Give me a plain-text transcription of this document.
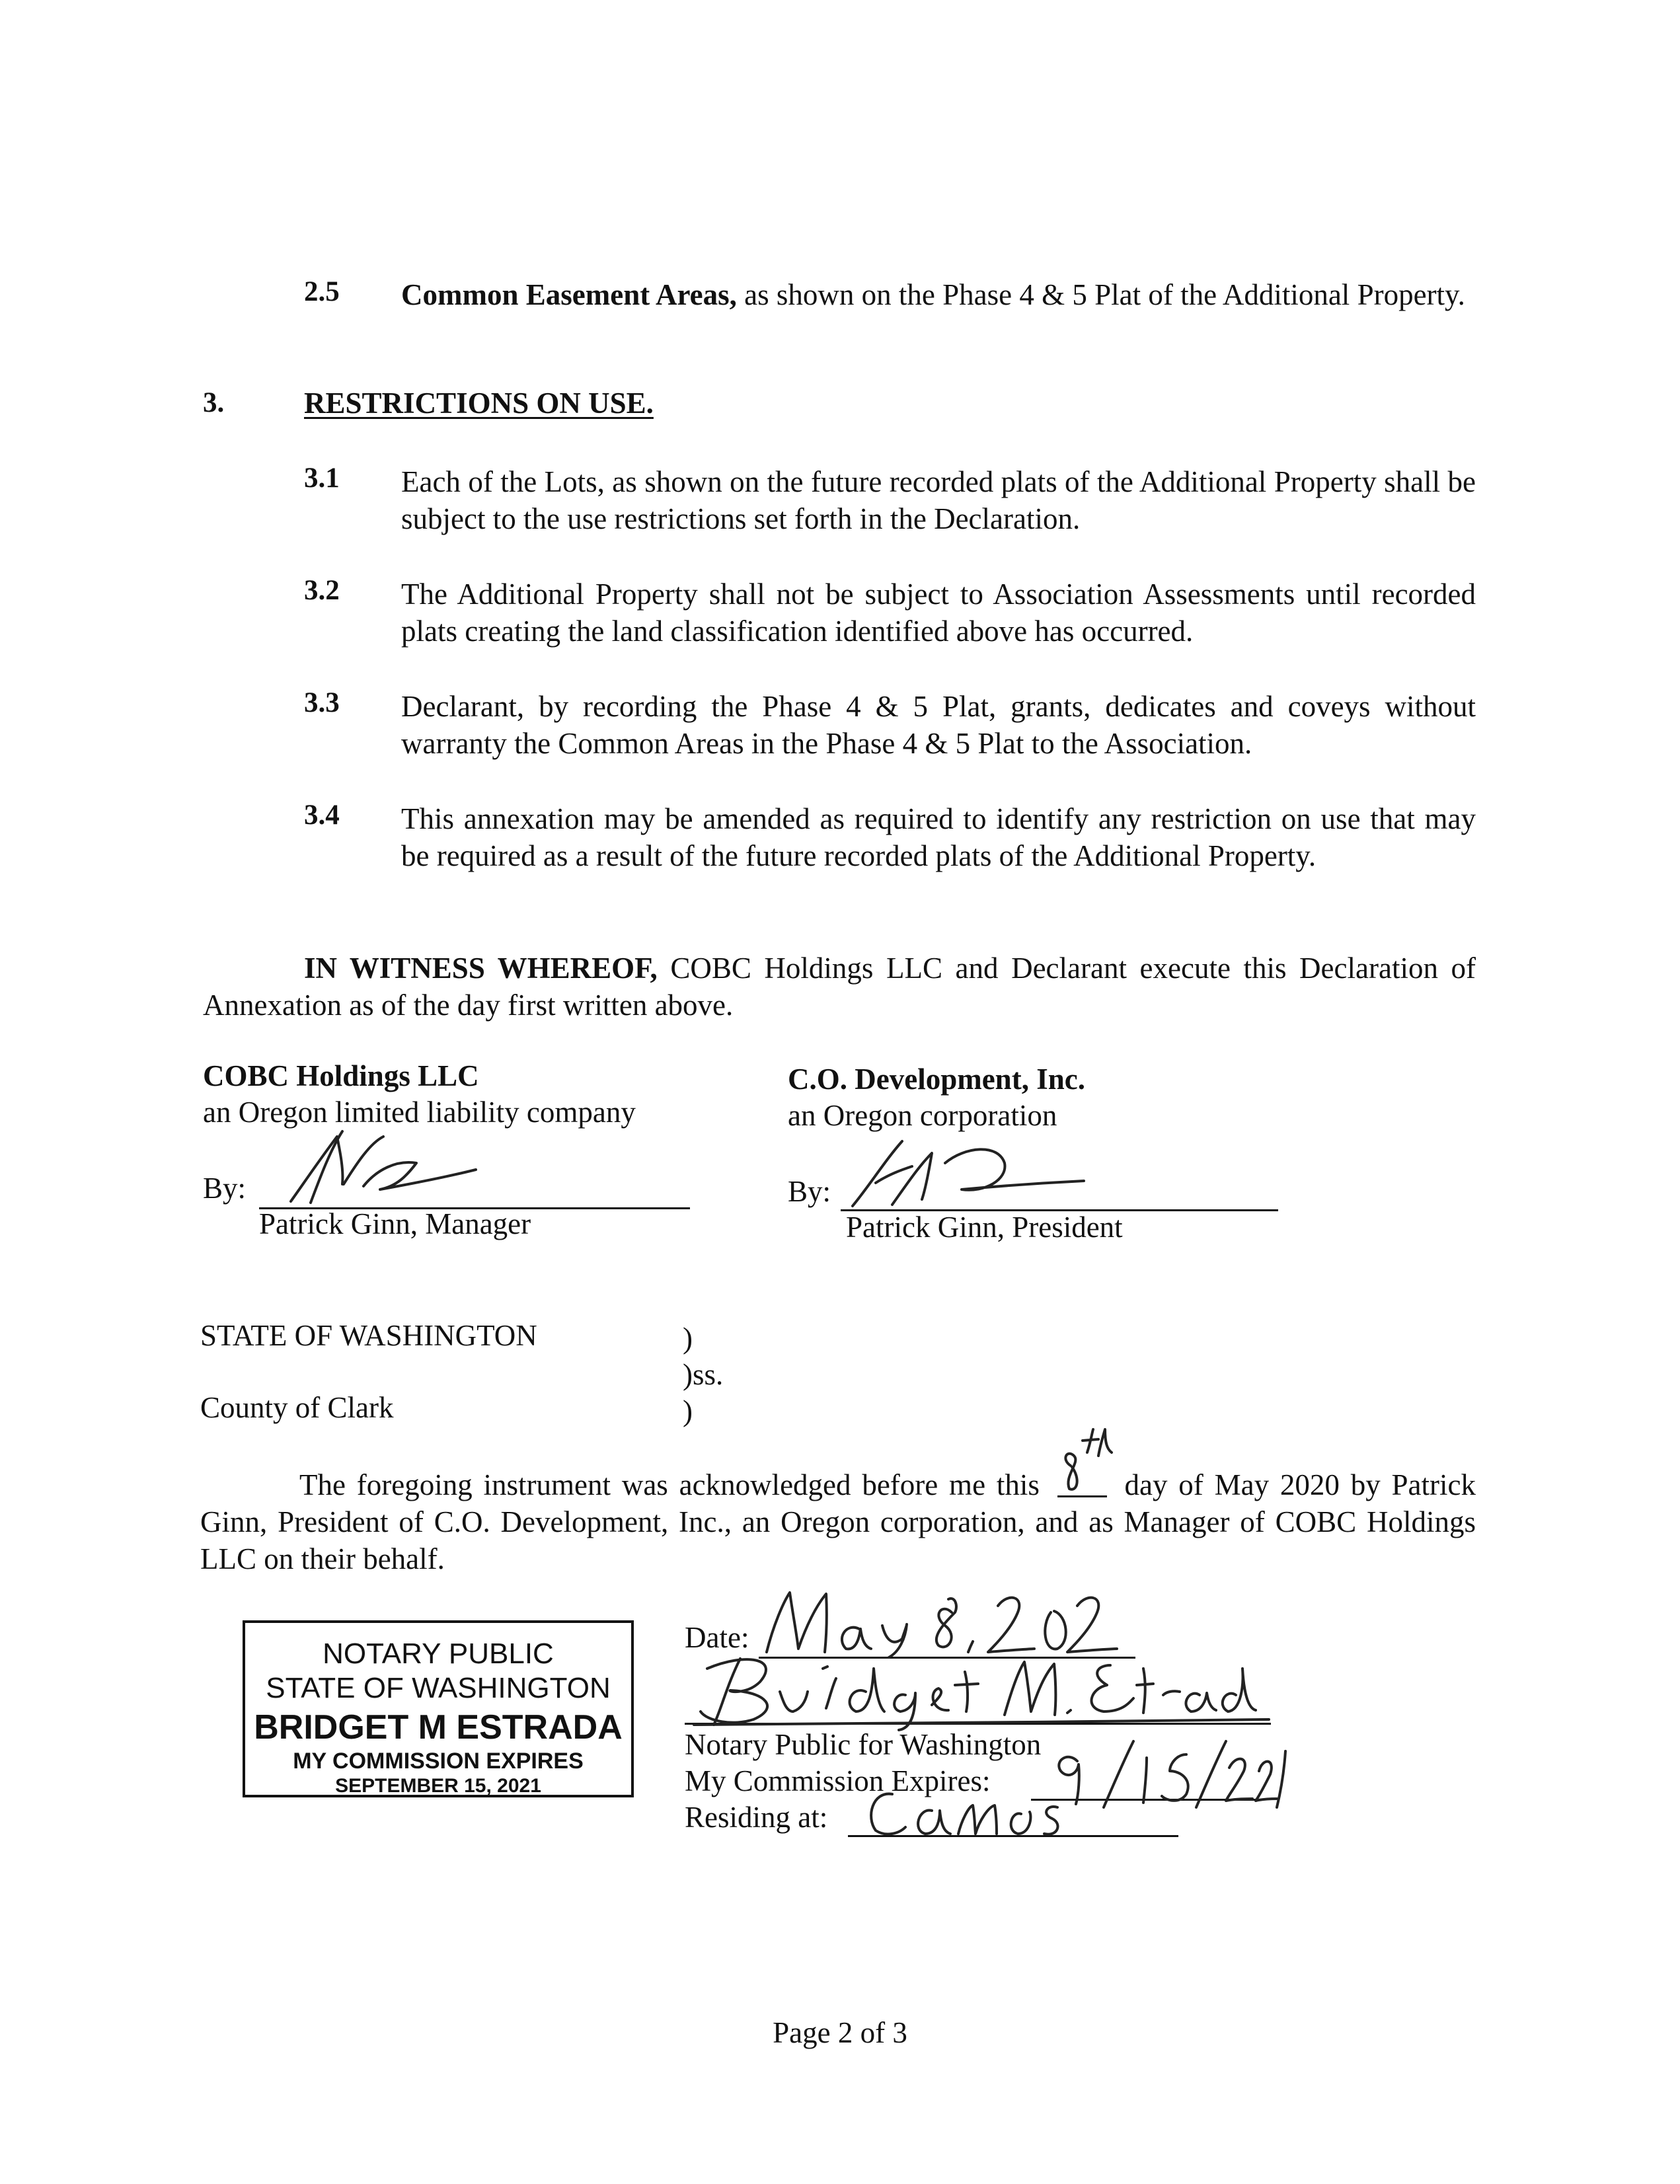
2.5 Common Easement Areas, as shown on the Phase 4 & 5 Plat of the Additional Property.
3.	RESTRICTIONS ON USE.
3.1 Each of the Lots, as shown on the future recorded plats of the Additional Property shall be subject to the use restrictions set forth in the Declaration.
3.2 The Additional Property shall not be subject to Association Assessments until recorded plats creating the land classification identified above has occurred.
3.3 Declarant, by recording the Phase 4 & 5 Plat, grants, dedicates and coveys without warranty the Common Areas in the Phase 4 & 5 Plat to the Association.
3.4 This annexation may be amended as required to identify any restriction on use that may be required as a result of the future recorded plats of the Additional Property.
IN WITNESS WHEREOF, COBC Holdings LLC and Declarant execute this Declaration of Annexation as of the day first written above.
COBC Holdings LLC
an Oregon limited liability company
By:
Patrick Ginn, Manager
C.O. Development, Inc.
an Oregon corporation
By:
Patrick Ginn, President
STATE OF WASHINGTON
County of Clark
)
)ss.
)
The foregoing instrument was acknowledged before me this
day of May 2020 by Patrick Ginn, President of C.O. Development, Inc., an Oregon corporation, and as Manager of COBC Holdings LLC on their behalf.
NOTARY PUBLIC
STATE OF WASHINGTON
BRIDGET M ESTRADA
MY COMMISSION EXPIRES
SEPTEMBER 15, 2021
Date:
Notary Public for Washington
My Commission Expires:
Residing at:
Page 2 of 3
